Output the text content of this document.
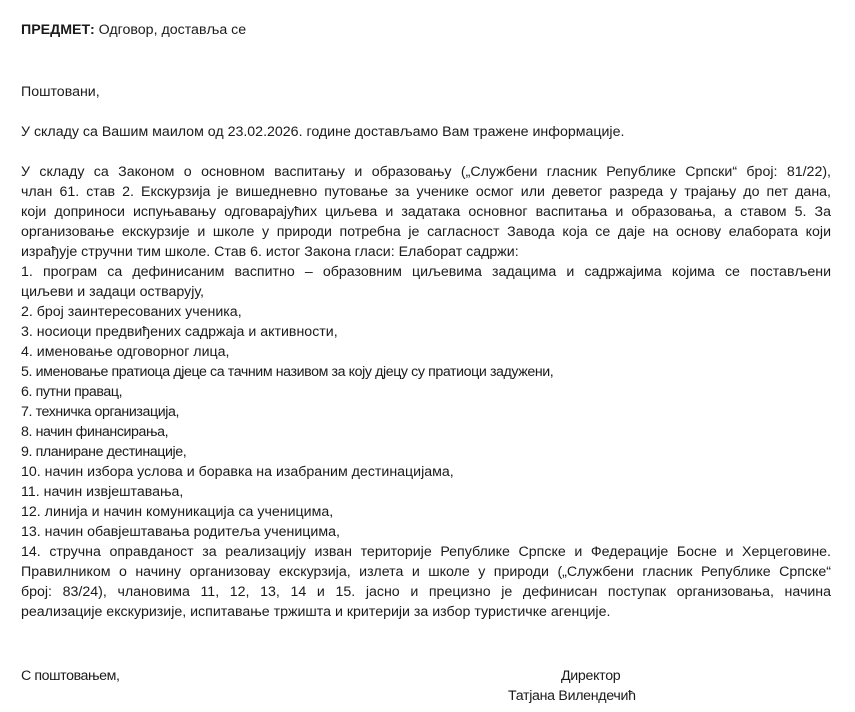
ПРЕДМЕТ: Одговор, доставља се
Поштовани,
У складу са Вашим маилом од 23.02.2026. године достављамо Вам тражене информације.
У складу са Законом о основном васпитању и образовању („Службени гласник Републике Српски“ број: 81/22),
члан 61. став 2. Екскурзија је вишедневно путовање за ученике осмог или деветог разреда у трајању до пет дана,
који доприноси испуњавању одговарајућих циљева и задатака основног васпитања и образовања, а ставом 5. За
организовање екскурзије и школе у природи потребна је сагласност Завода која се даје на основу елабората који
израђује стручни тим школе. Став 6. истог Закона гласи: Елаборат садржи:
1. програм са дефинисаним васпитно – образовним циљевима задацима и садржајима којима се постављени
циљеви и задаци остварују,
2. број заинтересованих ученика,
3. носиоци предвиђених садржаја и активности,
4. именовање одговорног лица,
5. именовање пратиоца дјеце са тачним називом за коју дјецу су пратиоци задужени,
6. путни правац,
7. техничка организација,
8. начин финансирања,
9. планиране дестинације,
10. начин избора услова и боравка на изабраним дестинацијама,
11. начин извјештавања,
12. линија и начин комуникација са ученицима,
13. начин обавјештавања родитеља ученицима,
14. стручна оправданост за реализацију изван територије Републике Српске и Федерације Босне и Херцеговине.
Правилником о начину организоваy екскурзија, излета и школе у природи („Службени гласник Републике Српске“
број: 83/24), члановима 11, 12, 13, 14 и 15. јасно и прецизно је дефинисан поступак организовања, начина
реализације екскуризије, испитавање тржишта и критерији за избор туристичке агенције.
С поштовањем,	Директор
Татјана Вилендечић
